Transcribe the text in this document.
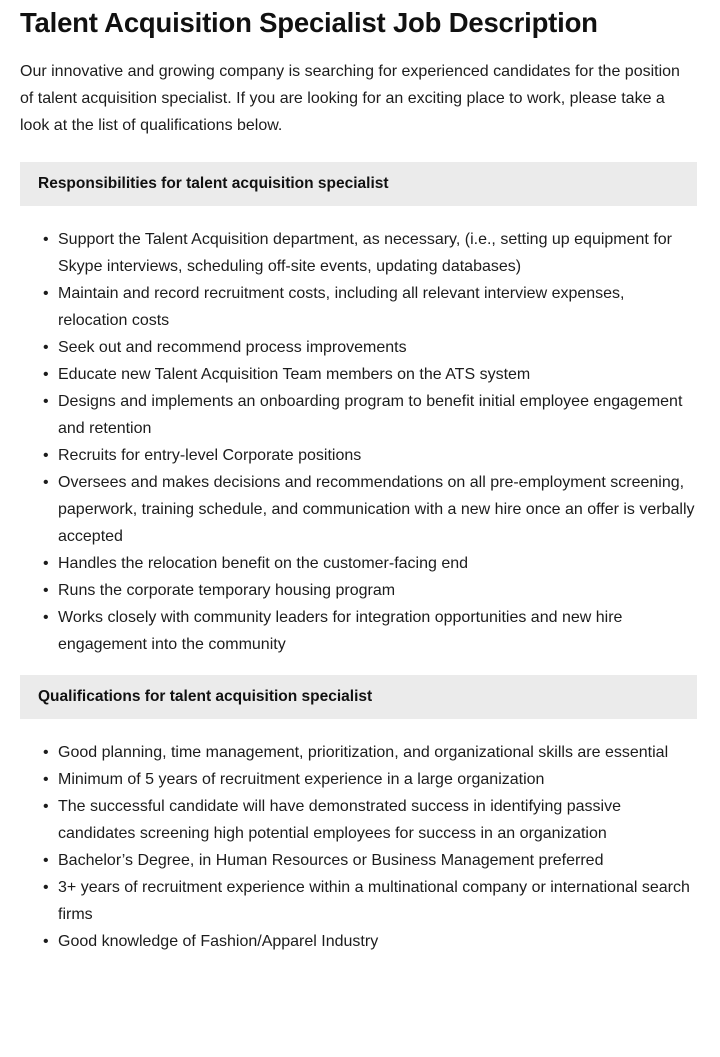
Talent Acquisition Specialist Job Description

Our innovative and growing company is searching for experienced candidates for the position of talent acquisition specialist. If you are looking for an exciting place to work, please take a look at the list of qualifications below.

Responsibilities for talent acquisition specialist
• Support the Talent Acquisition department, as necessary, (i.e., setting up equipment for Skype interviews, scheduling off-site events, updating databases)
• Maintain and record recruitment costs, including all relevant interview expenses, relocation costs
• Seek out and recommend process improvements
• Educate new Talent Acquisition Team members on the ATS system
• Designs and implements an onboarding program to benefit initial employee engagement and retention
• Recruits for entry-level Corporate positions
• Oversees and makes decisions and recommendations on all pre-employment screening, paperwork, training schedule, and communication with a new hire once an offer is verbally accepted
• Handles the relocation benefit on the customer-facing end
• Runs the corporate temporary housing program
• Works closely with community leaders for integration opportunities and new hire engagement into the community
Qualifications for talent acquisition specialist
• Good planning, time management, prioritization, and organizational skills are essential
• Minimum of 5 years of recruitment experience in a large organization
• The successful candidate will have demonstrated success in identifying passive candidates screening high potential employees for success in an organization
• Bachelor’s Degree, in Human Resources or Business Management preferred
• 3+ years of recruitment experience within a multinational company or international search firms
• Good knowledge of Fashion/Apparel Industry
